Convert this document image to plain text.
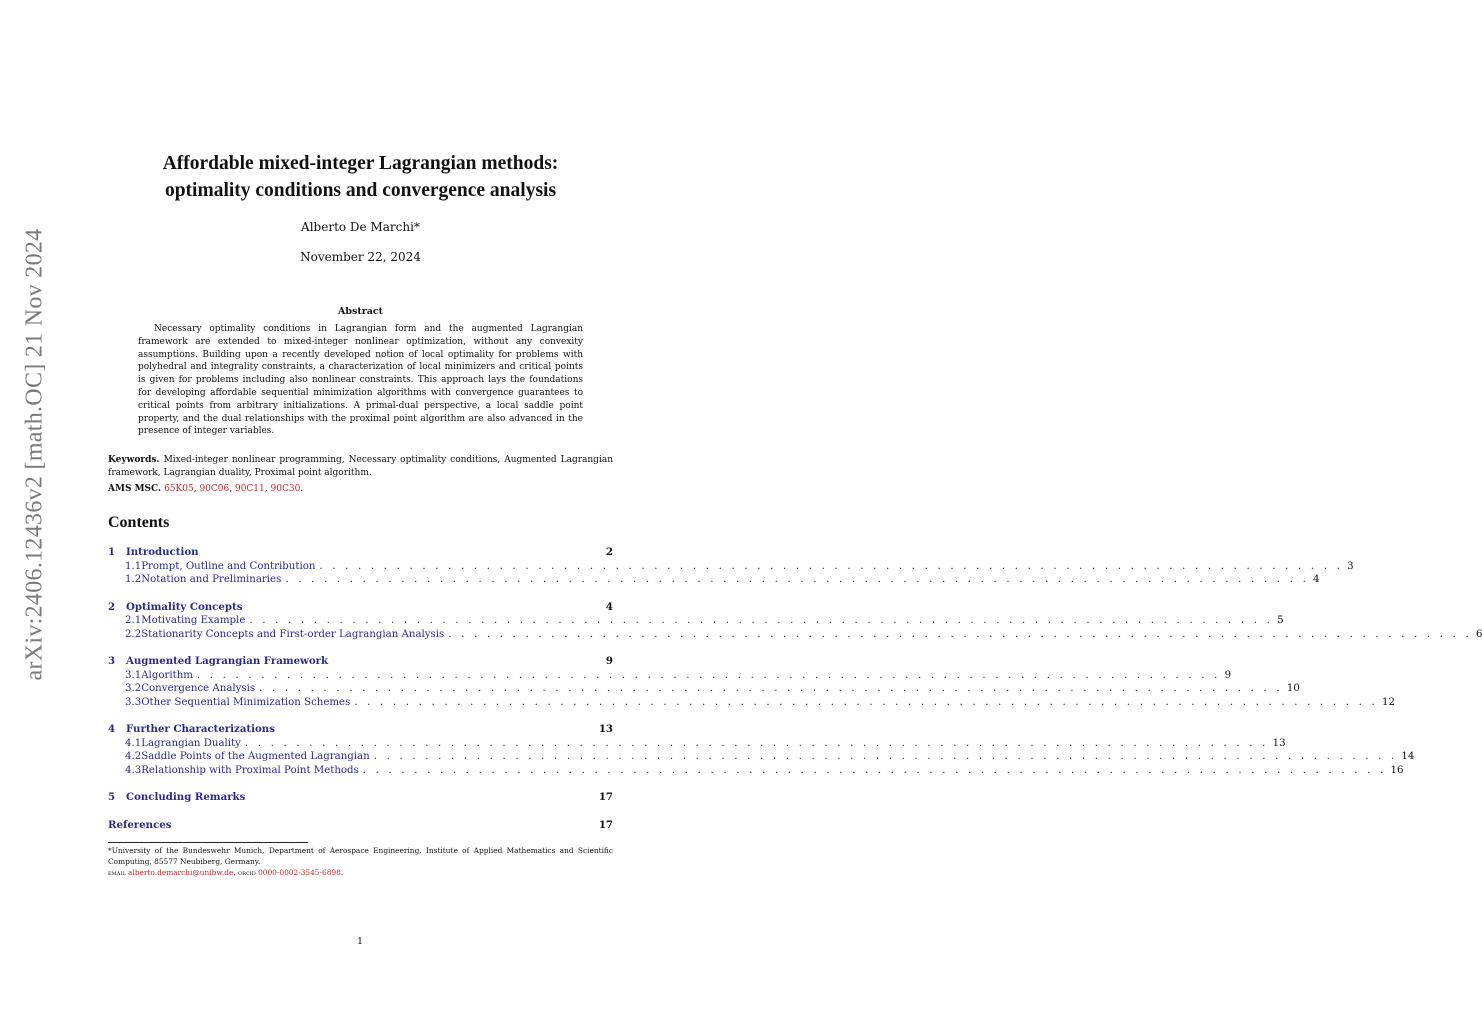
arXiv:2406.12436v2 [math.OC] 21 Nov 2024
Affordable mixed-integer Lagrangian methods:
optimality conditions and convergence analysis
Alberto De Marchi*
November 22, 2024
Abstract
Necessary optimality conditions in Lagrangian form and the augmented Lagrangian framework are extended to mixed-integer nonlinear optimization, without any convexity assumptions. Building upon a recently developed notion of local optimality for problems with polyhedral and integrality constraints, a characterization of local minimizers and critical points is given for problems including also nonlinear constraints. This approach lays the foundations for developing affordable sequential minimization algorithms with convergence guarantees to critical points from arbitrary initializations. A primal-dual perspective, a local saddle point property, and the dual relationships with the proximal point algorithm are also advanced in the presence of integer variables.
Keywords. Mixed-integer nonlinear programming, Necessary optimality conditions, Augmented Lagrangian framework, Lagrangian duality, Proximal point algorithm.
AMS MSC. 65K05, 90C06, 90C11, 90C30.
Contents
1	Introduction	2
1.1 Prompt, Outline and Contribution . . . . . . . . . . . . . . . . . . . . . . . . . . . . . . . . . . . . . . . . . . . . . . . . . . . . . . . . . . . . . . . . . . . . . . . . . . . . . . . . 3
1.2 Notation and Preliminaries . . . . . . . . . . . . . . . . . . . . . . . . . . . . . . . . . . . . . . . . . . . . . . . . . . . . . . . . . . . . . . . . . . . . . . . . . . . . . . . . 4
2	Optimality Concepts	4
2.1 Motivating Example . . . . . . . . . . . . . . . . . . . . . . . . . . . . . . . . . . . . . . . . . . . . . . . . . . . . . . . . . . . . . . . . . . . . . . . . . . . . . . . . 5
2.2 Stationarity Concepts and First-order Lagrangian Analysis . . . . . . . . . . . . . . . . . . . . . . . . . . . . . . . . . . . . . . . . . . . . . . . . . . . . . . . . . . . . . . . . . . . . . . . . . . . . . . . . 6
3	Augmented Lagrangian Framework	9
3.1 Algorithm . . . . . . . . . . . . . . . . . . . . . . . . . . . . . . . . . . . . . . . . . . . . . . . . . . . . . . . . . . . . . . . . . . . . . . . . . . . . . . . . 9
3.2 Convergence Analysis . . . . . . . . . . . . . . . . . . . . . . . . . . . . . . . . . . . . . . . . . . . . . . . . . . . . . . . . . . . . . . . . . . . . . . . . . . . . . . . . 10
3.3 Other Sequential Minimization Schemes . . . . . . . . . . . . . . . . . . . . . . . . . . . . . . . . . . . . . . . . . . . . . . . . . . . . . . . . . . . . . . . . . . . . . . . . . . . . . . . . 12
4	Further Characterizations	13
4.1 Lagrangian Duality . . . . . . . . . . . . . . . . . . . . . . . . . . . . . . . . . . . . . . . . . . . . . . . . . . . . . . . . . . . . . . . . . . . . . . . . . . . . . . . . 13
4.2 Saddle Points of the Augmented Lagrangian . . . . . . . . . . . . . . . . . . . . . . . . . . . . . . . . . . . . . . . . . . . . . . . . . . . . . . . . . . . . . . . . . . . . . . . . . . . . . . . . 14
4.3 Relationship with Proximal Point Methods . . . . . . . . . . . . . . . . . . . . . . . . . . . . . . . . . . . . . . . . . . . . . . . . . . . . . . . . . . . . . . . . . . . . . . . . . . . . . . . . 16
5	Concluding Remarks	17
References	17
*University of the Bundeswehr Munich, Department of Aerospace Engineering, Institute of Applied Mathematics and Scientific Computing, 85577 Neubiberg, Germany.
email alberto.demarchi@unibw.de, orcid 0000-0002-3545-6898.
1
